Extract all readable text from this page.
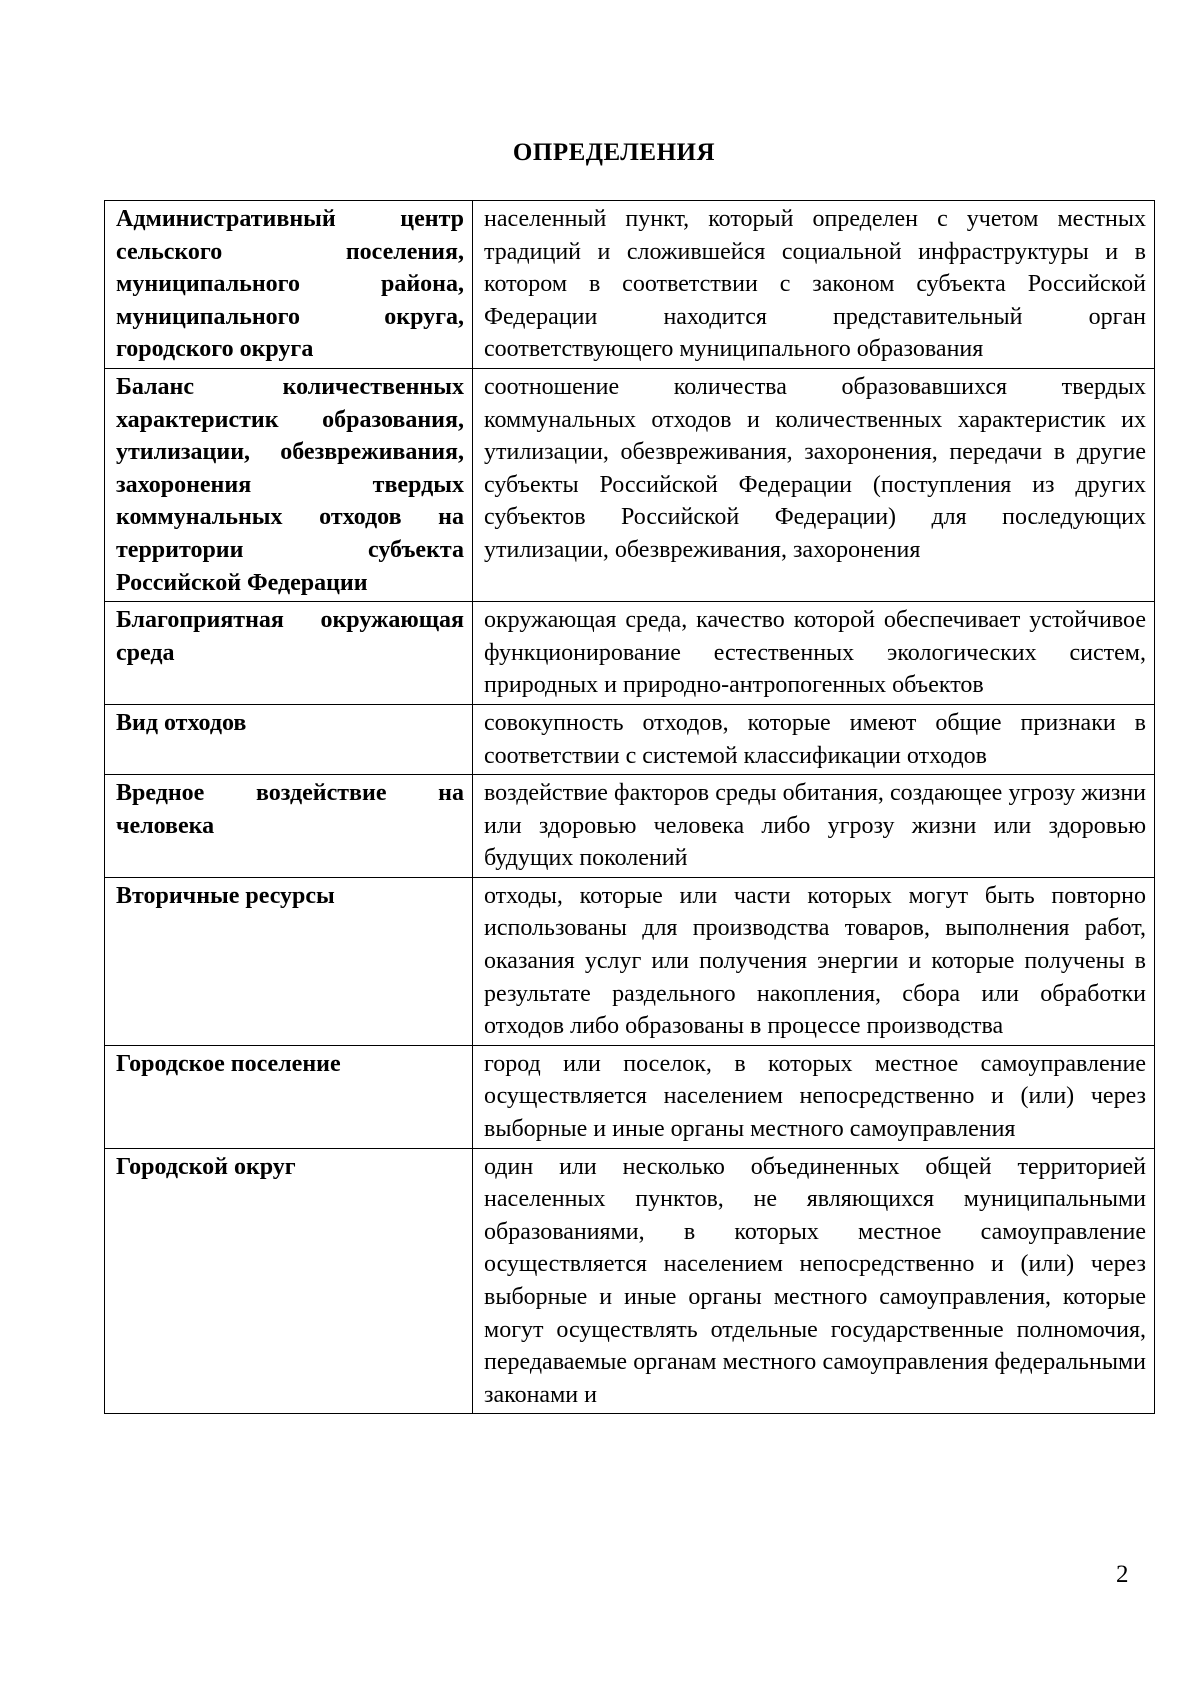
ОПРЕДЕЛЕНИЯ
Административный центр сельского поселения, муниципального района, муниципального округа, городского округа	населенный пункт, который определен с учетом местных традиций и сложившейся социальной инфраструктуры и в котором в соответствии с законом субъекта Российской Федерации находится представительный орган соответствующего муниципального образования
Баланс количественных характеристик образования, утилизации, обезвреживания, захоронения твердых коммунальных отходов на территории субъекта Российской Федерации	соотношение количества образовавшихся твердых коммунальных отходов и количественных характеристик их утилизации, обезвреживания, захоронения, передачи в другие субъекты Российской Федерации (поступления из других субъектов Российской Федерации) для последующих утилизации, обезвреживания, захоронения
Благоприятная окружающая среда	окружающая среда, качество которой обеспечивает устойчивое функционирование естественных экологических систем, природных и природно-антропогенных объектов
Вид отходов	совокупность отходов, которые имеют общие признаки в соответствии с системой классификации отходов
Вредное воздействие на человека	воздействие факторов среды обитания, создающее угрозу жизни или здоровью человека либо угрозу жизни или здоровью будущих поколений
Вторичные ресурсы	отходы, которые или части которых могут быть повторно использованы для производства товаров, выполнения работ, оказания услуг или получения энергии и которые получены в результате раздельного накопления, сбора или обработки отходов либо образованы в процессе производства
Городское поселение	город или поселок, в которых местное самоуправление осуществляется населением непосредственно и (или) через выборные и иные органы местного самоуправления
Городской округ	один или несколько объединенных общей территорией населенных пунктов, не являющихся муниципальными образованиями, в которых местное самоуправление осуществляется населением непосредственно и (или) через выборные и иные органы местного самоуправления, которые могут осуществлять отдельные государственные полномочия, передаваемые органам местного самоуправления федеральными законами и
2
